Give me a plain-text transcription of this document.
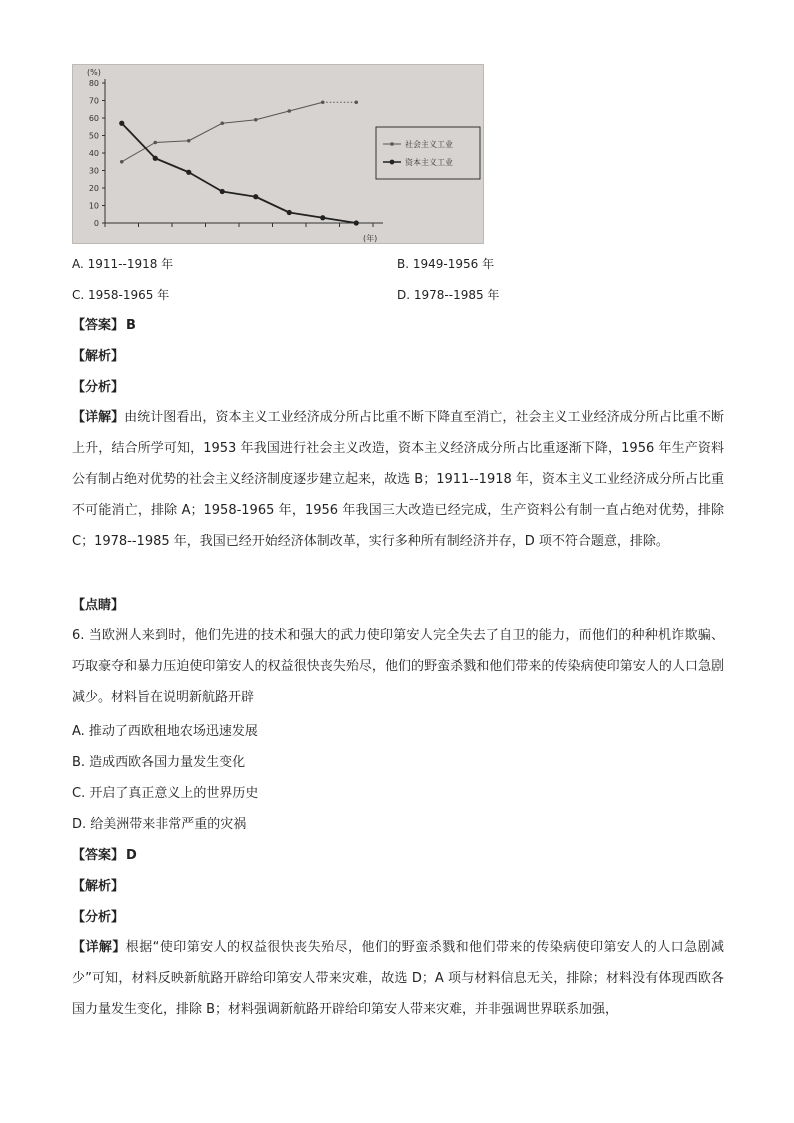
(%)
(年)
0
10
20
30
40
50
60
70
80
社会主义工业
资本主义工业
A. 1911--1918 年	B. 1949-1956 年
C. 1958-1965 年	D. 1978--1985 年
【答案】 B
【解析】
【分析】

【详解】由统计图看出，资本主义工业经济成分所占比重不断下降直至消亡，社会主义工业经济成分所占比重不断上升，结合所学可知，1953 年我国进行社会主义改造，资本主义经济成分所占比重逐渐下降，1956 年生产资料公有制占绝对优势的社会主义经济制度逐步建立起来，故选 B；1911--1918 年，资本主义工业经济成分所占比重不可能消亡，排除 A；1958-1965 年，1956 年我国三大改造已经完成，生产资料公有制一直占绝对优势，排除 C；1978--1985 年，我国已经开始经济体制改革，实行多种所有制经济并存，D 项不符合题意，排除。

【点睛】

6. 当欧洲人来到时，他们先进的技术和强大的武力使印第安人完全失去了自卫的能力，而他们的种种机诈欺骗、巧取豪夺和暴力压迫使印第安人的权益很快丧失殆尽，他们的野蛮杀戮和他们带来的传染病使印第安人的人口急剧减少。材料旨在说明新航路开辟

A. 推动了西欧租地农场迅速发展
B. 造成西欧各国力量发生变化
C. 开启了真正意义上的世界历史
D. 给美洲带来非常严重的灾祸
【答案】 D
【解析】
【分析】

【详解】根据“使印第安人的权益很快丧失殆尽，他们的野蛮杀戮和他们带来的传染病使印第安人的人口急剧减少”可知，材料反映新航路开辟给印第安人带来灾难，故选 D；A 项与材料信息无关，排除；材料没有体现西欧各国力量发生变化，排除 B；材料强调新航路开辟给印第安人带来灾难，并非强调世界联系加强，
